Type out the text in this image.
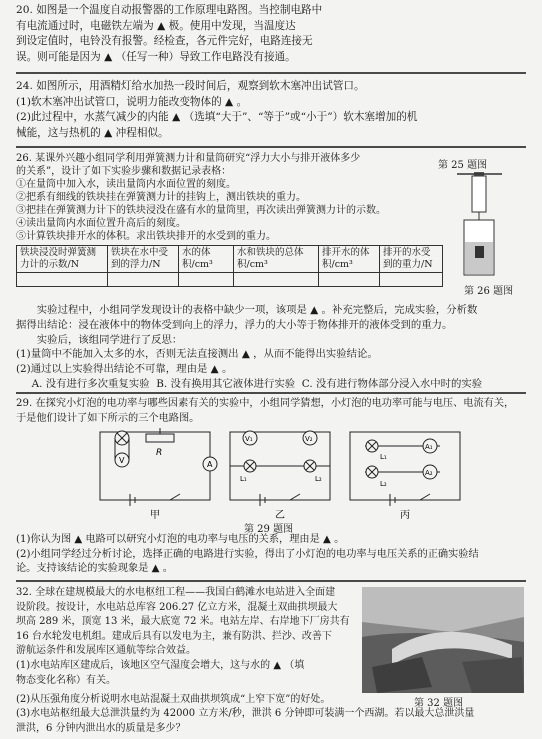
20. 如图是一个温度自动报警器的工作原理电路图。当控制电路中

有电流通过时，电磁铁左端为 ▲ 极。使用中发现，当温度达

到设定值时，电铃没有报警。经检查，各元件完好，电路连接无

误。则可能是因为 ▲ （任写一种）导致工作电路没有接通。

24. 如图所示，用酒精灯给水加热一段时间后，观察到软木塞冲出试管口。

(1)软木塞冲出试管口，说明力能改变物体的 ▲ 。

(2)此过程中，水蒸气减少的内能 ▲ （选填“大于”、“等于”或“小于”）软木塞增加的机

械能，这与热机的 ▲ 冲程相似。

26. 某课外兴趣小组同学利用弹簧测力计和量筒研究“浮力大小与排开液体多少

的关系”，设计了如下实验步骤和数据记录表格：

①在量筒中加入水，读出量筒内水面位置的刻度。

②把系有细线的铁块挂在弹簧测力计的挂钩上，测出铁块的重力。

③把挂在弹簧测力计下的铁块浸没在盛有水的量筒里，再次读出弹簧测力计的示数。

④读出量筒内水面位置升高后的刻度。

⑤计算铁块排开水的体积。求出铁块排开的水受到的重力。

第 25 题图
铁块浸没时弹簧测力计的示数/N	铁块在水中受到的浮力/N	水的体积/cm³	水和铁块的总体积/cm³	排开水的体积/cm³	排开的水受到的重力/N

第 26 题图

实验过程中，小组同学发现设计的表格中缺少一项，该项是 ▲ 。补充完整后，完成实验，分析数

据得出结论：浸在液体中的物体受到向上的浮力，浮力的大小等于物体排开的液体受到的重力。

实验后，该组同学进行了反思：

(1)量筒中不能加入太多的水，否则无法直接测出 ▲ ，从而不能得出实验结论。

(2)通过以上实验得出结论不可靠，理由是 ▲ 。

A. 没有进行多次重复实验 B. 没有换用其它液体进行实验 C. 没有进行物体部分浸入水中时的实验

29. 在探究小灯泡的电功率与哪些因素有关的实验中，小组同学猜想，小灯泡的电功率可能与电压、电流有关，

于是他们设计了如下所示的三个电路图。

V
R
A
甲
V₁	V₂
L₁	L₂
乙
A₁
A₂
L₁
L₂
丙
第 29 题图

(1)你认为图 ▲ 电路可以研究小灯泡的电功率与电压的关系，理由是 ▲ 。

(2)小组同学经过分析讨论，选择正确的电路进行实验，得出了小灯泡的电功率与电压关系的正确实验结

论。支持该结论的实验现象是 ▲ 。

32. 全球在建规模最大的水电枢纽工程——我国白鹤滩水电站进入全面建

设阶段。按设计，水电站总库容 206.27 亿立方米，混凝土双曲拱坝最大

坝高 289 米，顶宽 13 米，最大底宽 72 米。电站左岸、右岸地下厂房共有

16 台水轮发电机组。建成后具有以发电为主，兼有防洪、拦沙、改善下

游航运条件和发展库区通航等综合效益。

(1)水电站库区建成后，该地区空气湿度会增大，这与水的 ▲ （填

物态变化名称）有关。

第 32 题图

(2)从压强角度分析说明水电站混凝土双曲拱坝筑成“上窄下宽”的好处。

(3)水电站枢纽最大总泄洪量约为 42000 立方米/秒，泄洪 6 分钟即可装满一个西湖。若以最大总泄洪量

泄洪，6 分钟内泄出水的质量是多少？
